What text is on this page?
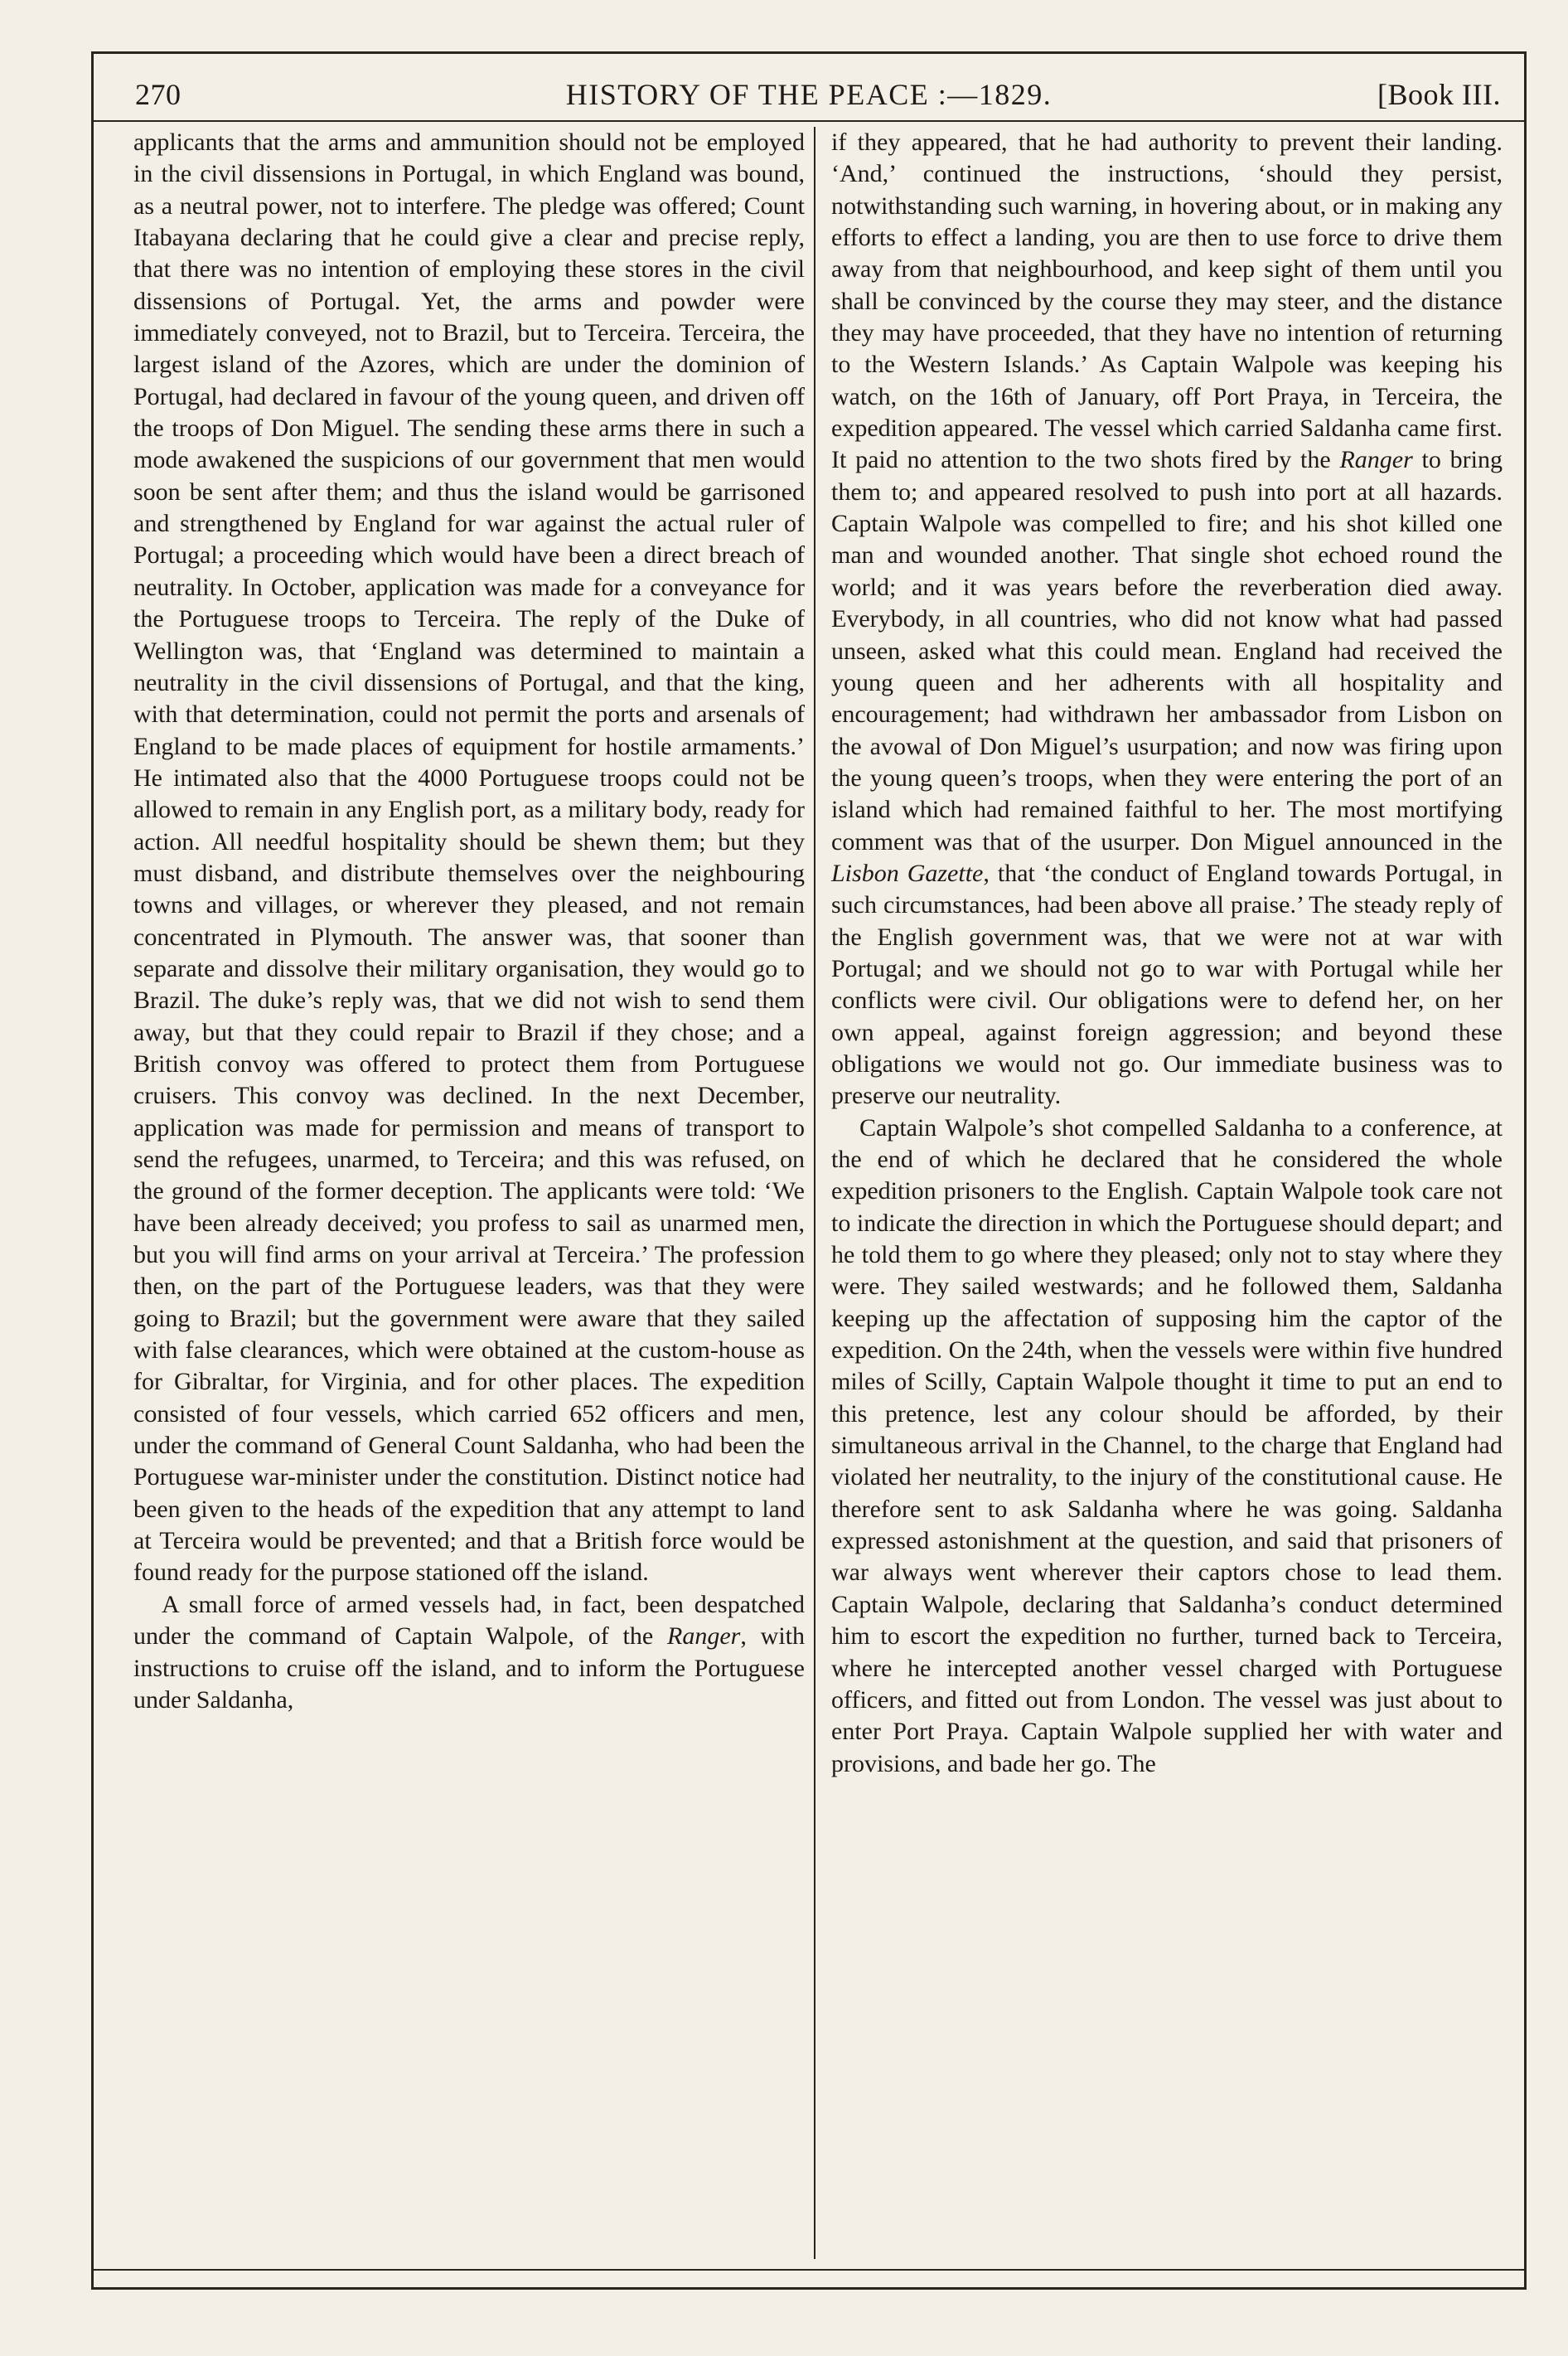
270	HISTORY OF THE PEACE :—1829.	[Book III.

applicants that the arms and ammunition should not be employed in the civil dissensions in Portugal, in which England was bound, as a neutral power, not to interfere. The pledge was offered; Count Itabayana declaring that he could give a clear and precise reply, that there was no intention of employing these stores in the civil dissensions of Portugal. Yet, the arms and powder were immediately conveyed, not to Brazil, but to Terceira. Terceira, the largest island of the Azores, which are under the dominion of Portugal, had declared in favour of the young queen, and driven off the troops of Don Miguel. The sending these arms there in such a mode awakened the suspicions of our government that men would soon be sent after them; and thus the island would be garrisoned and strengthened by England for war against the actual ruler of Portugal; a proceeding which would have been a direct breach of neutrality. In October, application was made for a conveyance for the Portuguese troops to Terceira. The reply of the Duke of Wellington was, that ‘England was determined to maintain a neutrality in the civil dissensions of Portugal, and that the king, with that determination, could not permit the ports and arsenals of England to be made places of equipment for hostile armaments.’ He intimated also that the 4000 Portuguese troops could not be allowed to remain in any English port, as a military body, ready for action. All needful hospitality should be shewn them; but they must disband, and distribute themselves over the neighbouring towns and villages, or wherever they pleased, and not remain concentrated in Plymouth. The answer was, that sooner than separate and dissolve their military organisation, they would go to Brazil. The duke’s reply was, that we did not wish to send them away, but that they could repair to Brazil if they chose; and a British convoy was offered to protect them from Portuguese cruisers. This convoy was declined. In the next December, application was made for permission and means of transport to send the refugees, unarmed, to Terceira; and this was refused, on the ground of the former deception. The applicants were told: ‘We have been already deceived; you profess to sail as unarmed men, but you will find arms on your arrival at Terceira.’ The profession then, on the part of the Portuguese leaders, was that they were going to Brazil; but the government were aware that they sailed with false clearances, which were obtained at the custom-house as for Gibraltar, for Virginia, and for other places. The expedition consisted of four vessels, which carried 652 officers and men, under the command of General Count Saldanha, who had been the Portuguese war-minister under the constitution. Distinct notice had been given to the heads of the expedition that any attempt to land at Terceira would be prevented; and that a British force would be found ready for the purpose stationed off the island.

A small force of armed vessels had, in fact, been despatched under the command of Captain Walpole, of the Ranger, with instructions to cruise off the island, and to inform the Portuguese under Saldanha,

if they appeared, that he had authority to prevent their landing. ‘And,’ continued the instructions, ‘should they persist, notwithstanding such warning, in hovering about, or in making any efforts to effect a landing, you are then to use force to drive them away from that neighbourhood, and keep sight of them until you shall be convinced by the course they may steer, and the distance they may have proceeded, that they have no intention of returning to the Western Islands.’ As Captain Walpole was keeping his watch, on the 16th of January, off Port Praya, in Terceira, the expedition appeared. The vessel which carried Saldanha came first. It paid no attention to the two shots fired by the Ranger to bring them to; and appeared resolved to push into port at all hazards. Captain Walpole was compelled to fire; and his shot killed one man and wounded another. That single shot echoed round the world; and it was years before the reverberation died away. Everybody, in all countries, who did not know what had passed unseen, asked what this could mean. England had received the young queen and her adherents with all hospitality and encouragement; had withdrawn her ambassador from Lisbon on the avowal of Don Miguel’s usurpation; and now was firing upon the young queen’s troops, when they were entering the port of an island which had remained faithful to her. The most mortifying comment was that of the usurper. Don Miguel announced in the Lisbon Gazette, that ‘the conduct of England towards Portugal, in such circumstances, had been above all praise.’ The steady reply of the English government was, that we were not at war with Portugal; and we should not go to war with Portugal while her conflicts were civil. Our obligations were to defend her, on her own appeal, against foreign aggression; and beyond these obligations we would not go. Our immediate business was to preserve our neutrality.

Captain Walpole’s shot compelled Saldanha to a conference, at the end of which he declared that he considered the whole expedition prisoners to the English. Captain Walpole took care not to indicate the direction in which the Portuguese should depart; and he told them to go where they pleased; only not to stay where they were. They sailed westwards; and he followed them, Saldanha keeping up the affectation of supposing him the captor of the expedition. On the 24th, when the vessels were within five hundred miles of Scilly, Captain Walpole thought it time to put an end to this pretence, lest any colour should be afforded, by their simultaneous arrival in the Channel, to the charge that England had violated her neutrality, to the injury of the constitutional cause. He therefore sent to ask Saldanha where he was going. Saldanha expressed astonishment at the question, and said that prisoners of war always went wherever their captors chose to lead them. Captain Walpole, declaring that Saldanha’s conduct determined him to escort the expedition no further, turned back to Terceira, where he intercepted another vessel charged with Portuguese officers, and fitted out from London. The vessel was just about to enter Port Praya. Captain Walpole supplied her with water and provisions, and bade her go. The
